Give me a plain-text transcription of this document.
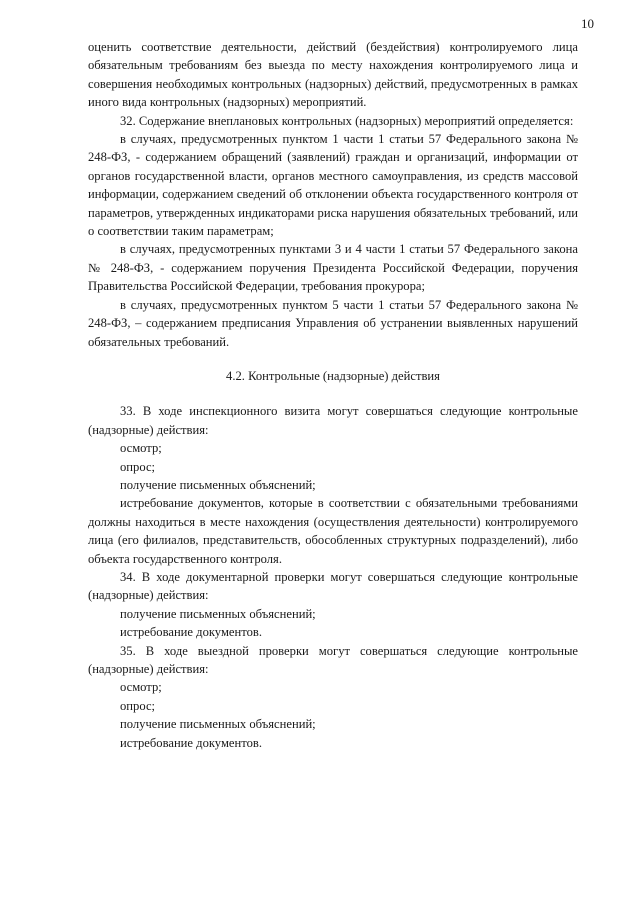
10

оценить соответствие деятельности, действий (бездействия) контролируемого лица обязательным требованиям без выезда по месту нахождения контролируемого лица и совершения необходимых контрольных (надзорных) действий, предусмотренных в рамках иного вида контрольных (надзорных) мероприятий.

32. Содержание внеплановых контрольных (надзорных) мероприятий определяется:

в случаях, предусмотренных пунктом 1 части 1 статьи 57 Федерального закона № 248-ФЗ, - содержанием обращений (заявлений) граждан и организаций, информации от органов государственной власти, органов местного самоуправления, из средств массовой информации, содержанием сведений об отклонении объекта государственного контроля от параметров, утвержденных индикаторами риска нарушения обязательных требований, или о соответствии таким параметрам;

в случаях, предусмотренных пунктами 3 и 4 части 1 статьи 57 Федерального закона № 248-ФЗ, - содержанием поручения Президента Российской Федерации, поручения Правительства Российской Федерации, требования прокурора;

в случаях, предусмотренных пунктом 5 части 1 статьи 57 Федерального закона № 248-ФЗ, – содержанием предписания Управления об устранении выявленных нарушений обязательных требований.

4.2. Контрольные (надзорные) действия

33. В ходе инспекционного визита могут совершаться следующие контрольные (надзорные) действия:

осмотр;

опрос;

получение письменных объяснений;

истребование документов, которые в соответствии с обязательными требованиями должны находиться в месте нахождения (осуществления деятельности) контролируемого лица (его филиалов, представительств, обособленных структурных подразделений), либо объекта государственного контроля.

34. В ходе документарной проверки могут совершаться следующие контрольные (надзорные) действия:

получение письменных объяснений;

истребование документов.

35. В ходе выездной проверки могут совершаться следующие контрольные (надзорные) действия:

осмотр;

опрос;

получение письменных объяснений;

истребование документов.
